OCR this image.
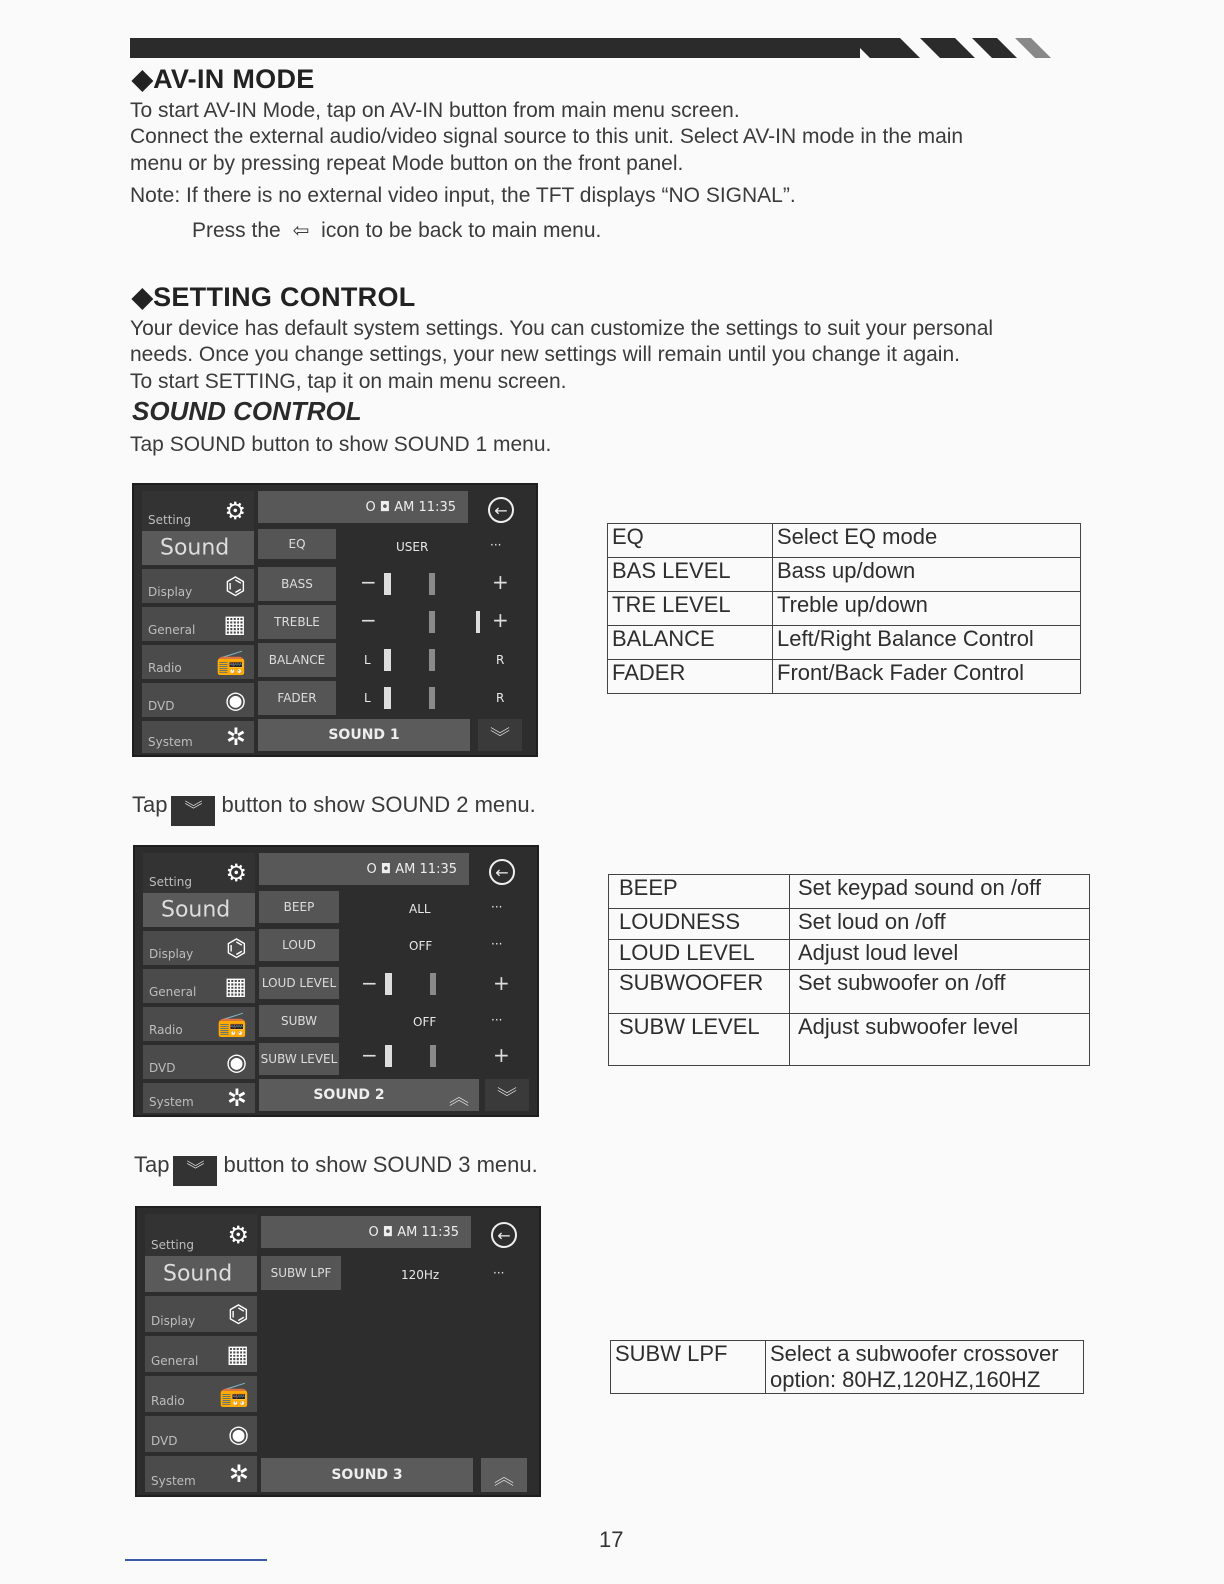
◆AV-IN MODE
To start AV-IN Mode, tap on AV-IN button from main menu screen.
Connect the external audio/video signal source to this unit. Select AV-IN mode in the main
menu or by pressing repeat Mode button on the front panel.
Note: If there is no external video input, the TFT displays “NO SIGNAL”.
Press the ⇦ icon to be back to main menu.
◆SETTING CONTROL
Your device has default system settings. You can customize the settings to suit your personal
needs. Once you change settings, your new settings will remain until you change it again.
To start SETTING, tap it on main menu screen.
SOUND CONTROL
Tap SOUND button to show SOUND 1 menu.
Setting ⚙
Sound
Display ⌬
General ▦
Radio 📻
DVD ◉
System ✲
O ◘ AM 11:35	←
EQ	USER	···
BASS	−	+
TREBLE	−	+
BALANCE	L	R
FADER	L	R
SOUND 1	︾
EQ	Select EQ mode
BAS LEVEL	Bass up/down
TRE LEVEL	Treble up/down
BALANCE	Left/Right Balance Control
FADER	Front/Back Fader Control
Tap ︾ button to show SOUND 2 menu.
Setting ⚙
Sound
Display ⌬
General ▦
Radio 📻
DVD ◉
System ✲
O ◘ AM 11:35	←
BEEP	ALL	···
LOUD	OFF	···
LOUD LEVEL −	+
SUBW	OFF	···
SUBW LEVEL −	+
SOUND 2	︽	︾
BEEP	Set keypad sound on /off
LOUDNESS	Set loud on /off
LOUD LEVEL	Adjust loud level
SUBWOOFER	Set subwoofer on /off
SUBW LEVEL	Adjust subwoofer level
Tap ︾ button to show SOUND 3 menu.
Setting ⚙
Sound
Display ⌬
General ▦
Radio 📻
DVD ◉
System ✲
O ◘ AM 11:35	←
SUBW LPF	120Hz	···
SOUND 3	︽
SUBW LPF	Select a subwoofer crossover
option: 80HZ,120HZ,160HZ
17
